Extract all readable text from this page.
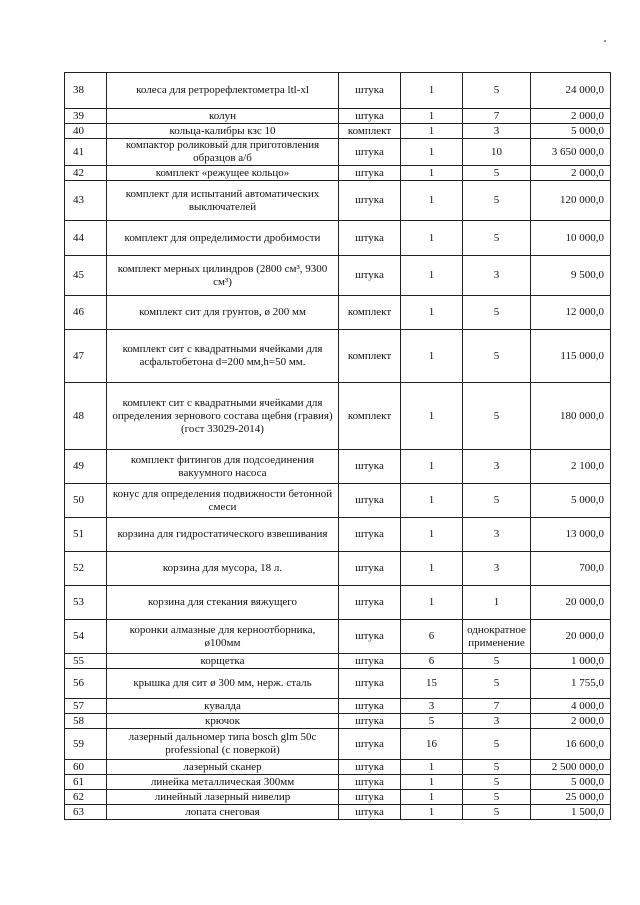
38	колеса для ретрорефлектометра ltl-xl	штука	1	5	24 000,0
39	колун	штука	1	7	2 000,0
40	кольца-калибры кзс 10	комплект	1	3	5 000,0
41	компактор роликовый для приготовления образцов а/б	штука	1	10	3 650 000,0
42	комплект «режущее кольцо»	штука	1	5	2 000,0
43	комплект для испытаний автоматических выключателей	штука	1	5	120 000,0
44	комплект для определимости дробимости	штука	1	5	10 000,0
45	комплект мерных цилиндров (2800 см³, 9300 см³)	штука	1	3	9 500,0
46	комплект сит для грунтов, ø 200 мм	комплект	1	5	12 000,0
47	комплект сит с квадратными ячейками для асфальтобетона d=200 мм,h=50 мм.	комплект	1	5	115 000,0
48	комплект сит с квадратными ячейками для определения зернового состава щебня (гравия) (гост 33029-2014)	комплект	1	5	180 000,0
49	комплект фитингов для подсоединения вакуумного насоса	штука	1	3	2 100,0
50	конус для определения подвижности бетонной смеси	штука	1	5	5 000,0
51	корзина для гидростатического взвешивания	штука	1	3	13 000,0
52	корзина для мусора, 18 л.	штука	1	3	700,0
53	корзина для стекания вяжущего	штука	1	1	20 000,0
54	коронки алмазные для керноотборника, ø100мм	штука	6	однократное применение	20 000,0
55	корщетка	штука	6	5	1 000,0
56	крышка для сит ø 300 мм, нерж. сталь	штука	15	5	1 755,0
57	кувалда	штука	3	7	4 000,0
58	крючок	штука	5	3	2 000,0
59	лазерный дальномер типа bosch glm 50c professional (с поверкой)	штука	16	5	16 600,0
60	лазерный сканер	штука	1	5	2 500 000,0
61	линейка металлическая 300мм	штука	1	5	5 000,0
62	линейный лазерный нивелир	штука	1	5	25 000,0
63	лопата снеговая	штука	1	5	1 500,0
